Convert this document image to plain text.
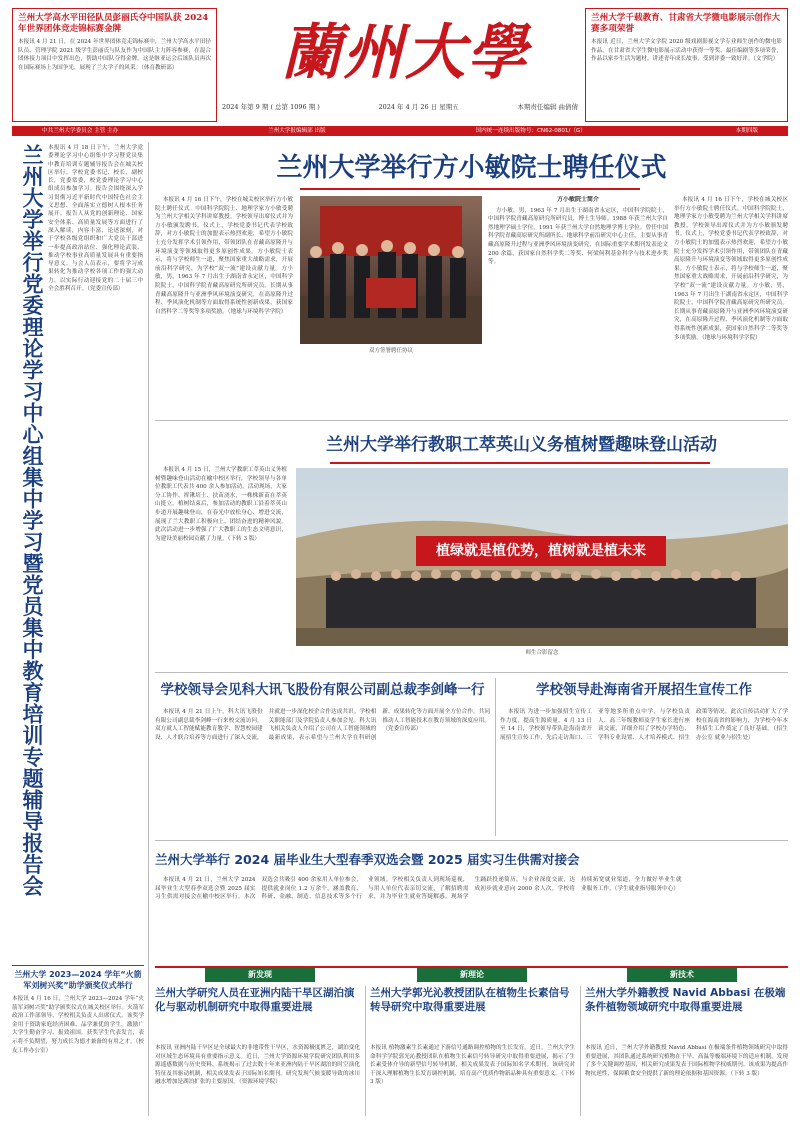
兰州大学高水平田径队员彭丽氏夺中国队获 2024 年世界团体竞走锦标赛金牌
本报讯 4 月 21 日，在 2024 年世界团体竞走锦标赛中，兰州大学高水平田径队员、管理学院 2021 级学生彭丽氏与队友作为中国队主力阵容参赛，在混合团体接力项目中发挥出色，帮助中国队夺得金牌。这是继亚运会后该队员再次在国际赛场上为国争光，展现了兰大学子的风采。（体育教研部）	蘭州大學
2024 年第 9 期 ( 总第 1096 期 )	2024 年 4 月 26 日 星期五	本期责任编辑 曲倩倩
兰州大学千载教育、甘肃省大学微电影展示创作大赛多项荣誉
本报讯 近日，兰州大学文学院 2020 级戏剧影视文学专业师生创作的微电影作品，在甘肃省大学生微电影展示活动中获得一等奖、最佳编剧等多项荣誉，作品以家乡生活为题材，讲述青年成长故事，受到评委一致好评。（文学院）
中共兰州大学委员会 主管 主办	兰州大学报编辑部 出版	国内统一连续出版物号：CN62-0801/（G）	本期四版
兰州大学举行党委理论学习中心组集中学习暨党员集中教育培训专题辅导报告会 本报讯 4 月 18 日下午，兰州大学党委理论学习中心组集中学习暨党员集中教育培训专题辅导报告会在城关校区举行。学校党委书记、校长、副校长，党委常委，校党委理论学习中心组成员参加学习。报告会围绕深入学习贯彻习近平新时代中国特色社会主义思想、全面落实立德树人根本任务展开。报告人从党的创新理论、国家安全体系、高质量发展等方面进行了深入解读，内容丰富、论述深刻，对于学校各级党组织和广大党员干部进一步提高政治站位、强化理论武装、推动学校事业高质量发展具有重要指导意义。与会人员表示，要将学习成果转化为推动学校各项工作的强大动力，以实际行动迎接党的二十届三中全会胜利召开。（党委宣传部）
兰州大学 2023—2024 学年“火箭军刘树兴奖”助学颁奖仪式举行
本报讯 4 月 16 日，兰州大学 2023—2024 学年“火箭军刘树兴奖”助学颁奖仪式在城关校区举行。火箭军政治工作部领导、学校相关负责人出席仪式。该奖学金用于资助家庭经济困难、品学兼优的学生，激励广大学生勤奋学习、报效祖国。获奖学生代表发言，表示将不负期望，努力成长为德才兼备的有用之才。（校友工作办公室）
兰州大学举行方小敏院士聘任仪式

本报讯 4 月 16 日下午，学校在城关校区举行方小敏院士聘任仪式。中国科学院院士、地理学家方小敏受聘为兰州大学相关学科讲席教授。学校领导出席仪式并为方小敏颁发聘书。仪式上，学校党委书记代表学校致辞，对方小敏院士的加盟表示热烈欢迎，希望方小敏院士充分发挥学术引领作用，带领团队在青藏高原隆升与环境演变等领域取得更多原创性成果。方小敏院士表示，将与学校师生一道，聚焦国家重大战略需求，开展前沿科学研究，为学校“双一流”建设贡献力量。方小敏，男，1963 年 7 月出生于湖南省永定区，中国科学院院士，中国科学院青藏高原研究所研究员。长期从事青藏高原隆升与亚洲季风环境演变研究，在高原隆升过程、季风演化机制等方面取得系统性创新成果，获国家自然科学二等奖等多项奖励。（地球与环境科学学院）

双方签署聘任协议
方小敏院士简介

方小敏，男，1963 年 7 月出生于湖南省永定区，中国科学院院士，中国科学院青藏高原研究所研究员，博士生导师。1988 年获兰州大学自然地理学硕士学位，1991 年获兰州大学自然地理学博士学位。曾任中国科学院青藏高原研究所副所长、地球科学前沿研究中心主任。主要从事青藏高原隆升过程与亚洲季风环境演变研究，在国际重要学术期刊发表论文 200 余篇，获国家自然科学奖二等奖、何梁何利基金科学与技术进步奖等。

本报讯 4 月 16 日下午，学校在城关校区举行方小敏院士聘任仪式。中国科学院院士、地理学家方小敏受聘为兰州大学相关学科讲席教授。学校领导出席仪式并为方小敏颁发聘书。仪式上，学校党委书记代表学校致辞，对方小敏院士的加盟表示热烈欢迎，希望方小敏院士充分发挥学术引领作用，带领团队在青藏高原隆升与环境演变等领域取得更多原创性成果。方小敏院士表示，将与学校师生一道，聚焦国家重大战略需求，开展前沿科学研究，为学校“双一流”建设贡献力量。方小敏，男，1963 年 7 月出生于湖南省永定区，中国科学院院士，中国科学院青藏高原研究所研究员。长期从事青藏高原隆升与亚洲季风环境演变研究，在高原隆升过程、季风演化机制等方面取得系统性创新成果，获国家自然科学二等奖等多项奖励。（地球与环境科学学院）

兰州大学举行教职工萃英山义务植树暨趣味登山活动

本报讯 4 月 15 日，兰州大学教职工萃英山义务植树暨趣味登山活动在榆中校区举行。学校领导与各单位教职工代表共 400 余人参加活动。活动现场，大家分工协作、挥锹培土、扶苗浇水，一株株新苗在萃英山挺立。植树结束后，参加活动的教职工沿着萃英山步道开展趣味登山，在春光中放松身心、增进交流，展现了兰大教职工积极向上、团结奋进的精神风貌。此次活动进一步增强了广大教职工的生态文明意识，为建设美丽校园贡献了力量。（下转 3 版）

植绿就是植优势，植树就是植未来
师生合影留念
学校领导会见科大讯飞股份有限公司副总裁李剑峰一行

本报讯 4 月 21 日上午，科大讯飞股份有限公司副总裁李剑峰一行来校交流访问。双方就人工智能赋能教育教学、智慧校园建设、人才联合培养等方面进行了深入交流，并就进一步深化校企合作达成共识。学校相关职能部门及学院负责人参加会见。科大讯飞相关负责人介绍了公司在人工智能领域的最新成果，表示希望与兰州大学在科研创新、成果转化等方面开展全方位合作，共同推动人工智能技术在教育领域的深度应用。（党委宣传部）

学校领导赴海南省开展招生宣传工作

本报讯 为进一步加强招生宣传工作力度，提高生源质量，4 月 13 日至 14 日，学校领导带队赴海南省开展招生宣传工作，先后走访海口、三亚等地多所重点中学，与学校负责人、高三年级教师及学生家长进行座谈交流，详细介绍了学校办学特色、学科专业设置、人才培养模式、招生政策等情况。此次宣传活动扩大了学校在海南省的影响力，为学校今年本科招生工作奠定了良好基础。（招生办公室 就业与招生处）

兰州大学举行 2024 届毕业生大型春季双选会暨 2025 届实习生供需对接会

本报讯 4 月 21 日，兰州大学 2024 届毕业生大型春季双选会暨 2025 届实习生供需对接会在榆中校区举行。本次双选会共吸引 400 余家用人单位参会，提供就业岗位 1.2 万余个，涵盖教育、科研、金融、制造、信息技术等多个行业领域。学校相关负责人到现场巡视，与用人单位代表亲切交流，了解招聘需求，并为毕业生就业答疑解惑。现场学生踊跃投递简历，与企业深度交流，达成初步就业意向 2000 余人次。学校将持续拓宽就业渠道，全力做好毕业生就业服务工作。（学生就业指导服务中心）

新发现	新理论	新技术
兰州大学研究人员在亚洲内陆干旱区湖泊演化与驱动机制研究中取得重要进展
本报讯 亚洲内陆干旱区是全球最大的非地带性干旱区，水资源极度匮乏，湖泊变化对区域生态环境具有重要指示意义。近日，兰州大学资源环境学院研究团队利用多源遥感数据与历史资料，系统揭示了过去数十年来亚洲内陆干旱区湖泊的时空演化特征及其驱动机制，相关成果发表于国际知名期刊。研究发现气候变暖导致的冰川融水增加是湖泊扩张的主要原因。（资源环境学院）
兰州大学郭光沁教授团队在植物生长素信号转导研究中取得重要进展
本报讯 植物激素生长素通过下游信号通路调控植物的生长发育。近日，兰州大学生命科学学院郭光沁教授团队在植物生长素信号转导研究中取得重要进展，揭示了生长素受体介导的新型信号转导机制，相关成果发表于国际知名学术期刊。该研究对于深入理解植物生长发育调控机制、培育高产优质作物新品种具有重要意义。（下转 3 版）
兰州大学外籍教授 Navid Abbasi 在极端条件植物领域研究中取得重要进展
本报讯 近日，兰州大学外籍教授 Navid Abbasi 在极端条件植物领域研究中取得重要进展，其团队通过系统研究植物在干旱、高温等极端环境下的适应机制，发现了多个关键调控基因，相关研究成果发表于国际植物学权威期刊。该成果为提高作物抗逆性、保障粮食安全提供了新的理论依据和基因资源。（下转 3 版）
